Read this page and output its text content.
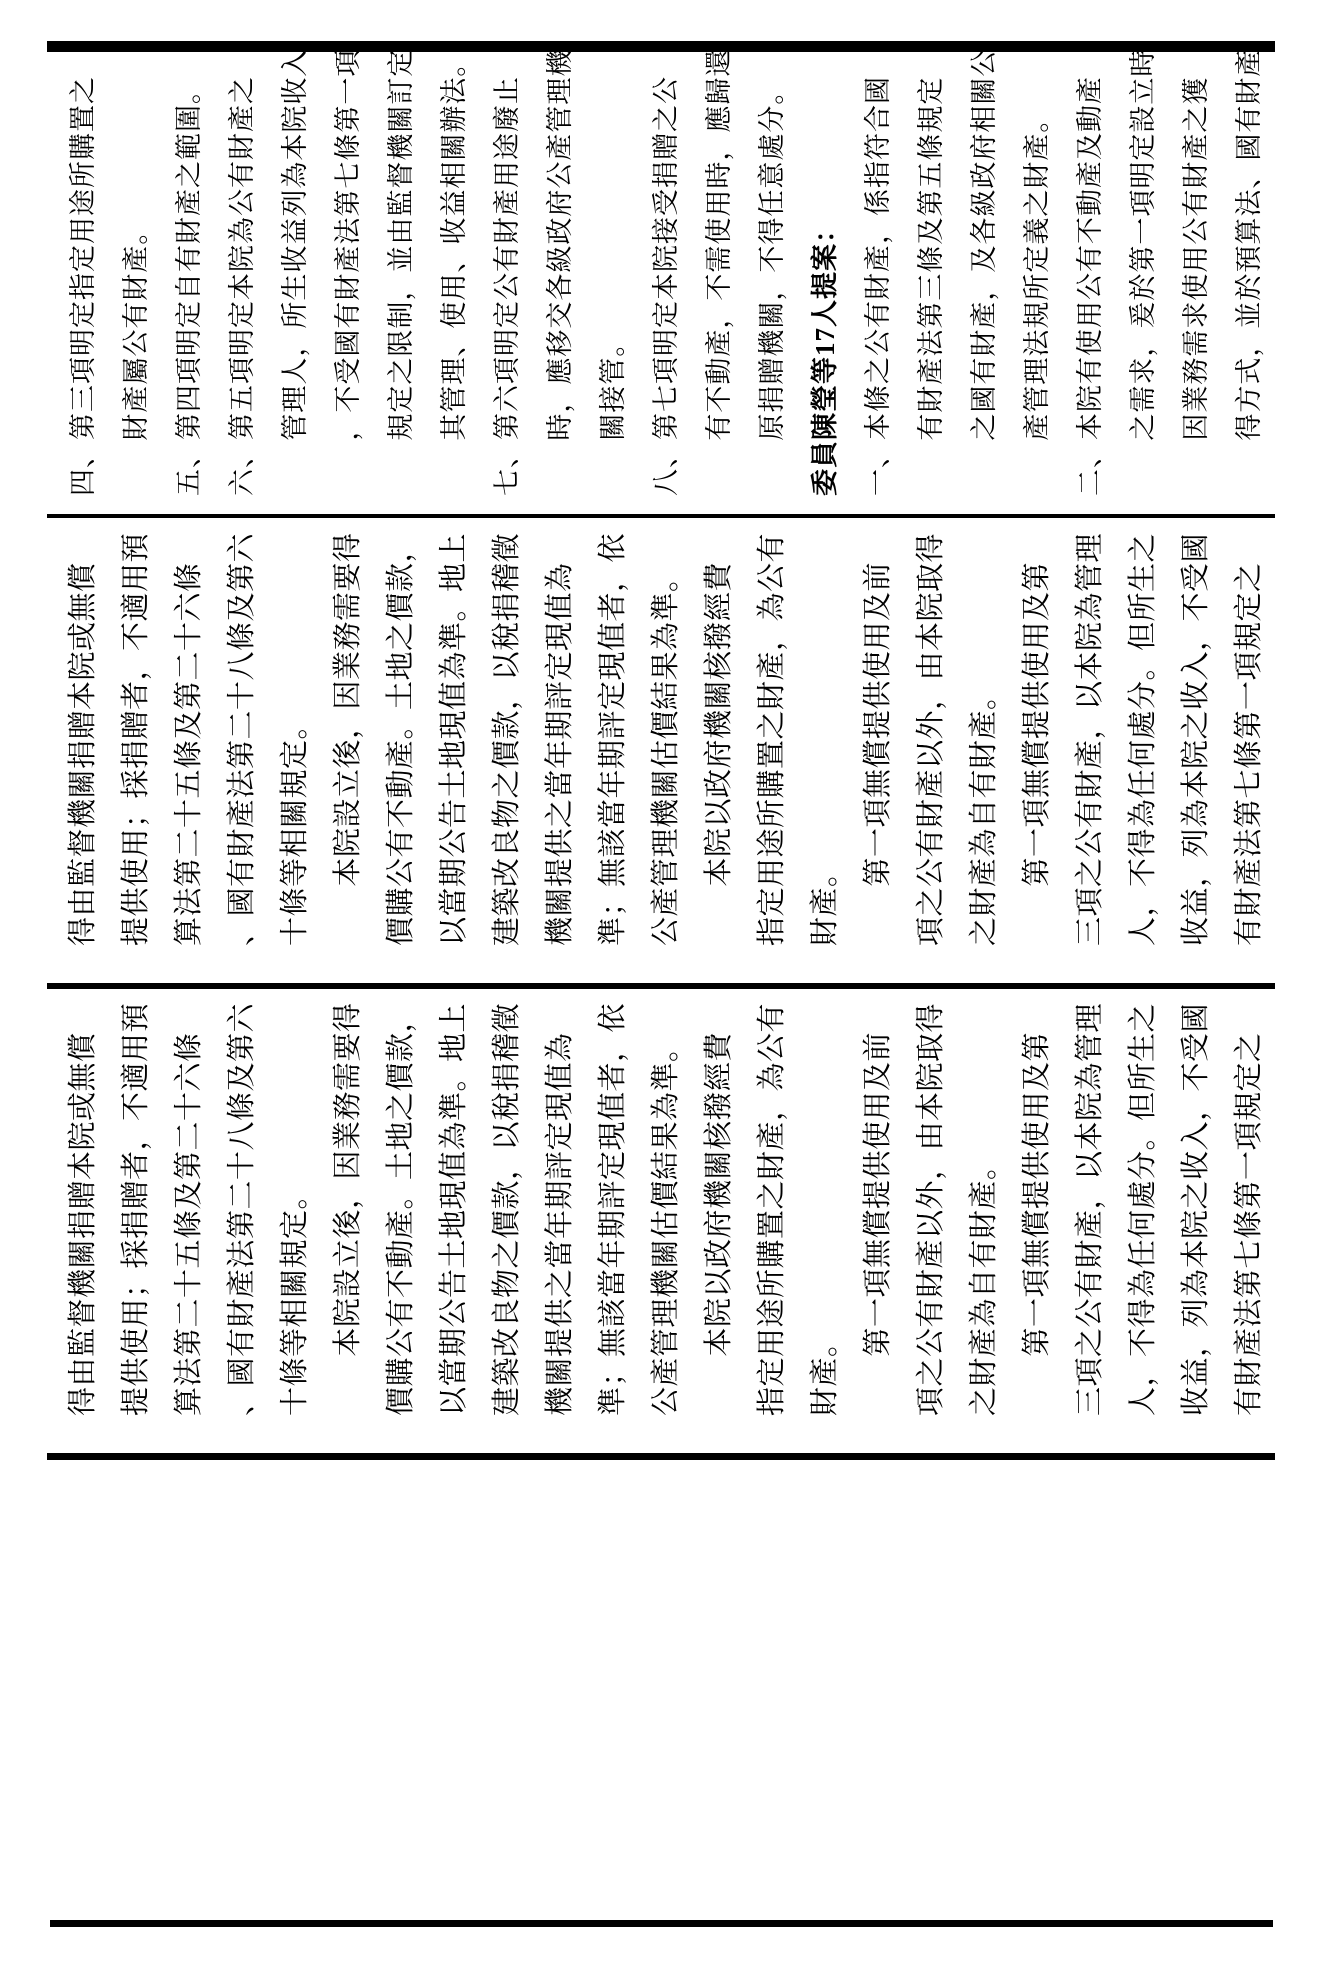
四、第三項明定指定用途所購置之 財產屬公有財產。 五、第四項明定自有財產之範圍。 六、第五項明定本院為公有財產之 管理人，所生收益列為本院收入 ，不受國有財產法第七條第一項 規定之限制，並由監督機關訂定 其管理、使用、收益相關辦法。 七、第六項明定公有財產用途廢止 時，應移交各級政府公產管理機 關接管。 八、第七項明定本院接受捐贈之公 有不動產，不需使用時，應歸還 原捐贈機關，不得任意處分。 委員陳瑩等17人提案： 一、本條之公有財產，係指符合國 有財產法第三條及第五條規定 之國有財產，及各級政府相關公 產管理法規所定義之財產。 二、本院有使用公有不動產及動產 之需求，爰於第一項明定設立時 因業務需求使用公有財產之獲 得方式，並於預算法、國有財產
得由監督機關捐贈本院或無償 提供使用；採捐贈者，不適用預 算法第二十五條及第二十六條 、國有財產法第二十八條及第六 十條等相關規定。 本院設立後，因業務需要得 價購公有不動產。土地之價款， 以當期公告土地現值為準。地上 建築改良物之價款，以稅捐稽徵 機關提供之當年期評定現值為 準；無該當年期評定現值者，依 公產管理機關估價結果為準。 本院以政府機關核撥經費 指定用途所購置之財產，為公有 財產。
第一項無償提供使用及前 項之公有財產以外，由本院取得 之財產為自有財產。 第一項無償提供使用及第 三項之公有財產，以本院為管理 人，不得為任何處分。但所生之 收益，列為本院之收入，不受國 有財產法第七條第一項規定之
得由監督機關捐贈本院或無償 提供使用；採捐贈者，不適用預 算法第二十五條及第二十六條 、國有財產法第二十八條及第六 十條等相關規定。 本院設立後，因業務需要得 價購公有不動產。土地之價款， 以當期公告土地現值為準。地上 建築改良物之價款，以稅捐稽徵 機關提供之當年期評定現值為 準；無該當年期評定現值者，依 公產管理機關估價結果為準。 本院以政府機關核撥經費 指定用途所購置之財產，為公有 財產。
第一項無償提供使用及前 項之公有財產以外，由本院取得 之財產為自有財產。 第一項無償提供使用及第 三項之公有財產，以本院為管理 人，不得為任何處分。但所生之 收益，列為本院之收入，不受國 有財產法第七條第一項規定之
